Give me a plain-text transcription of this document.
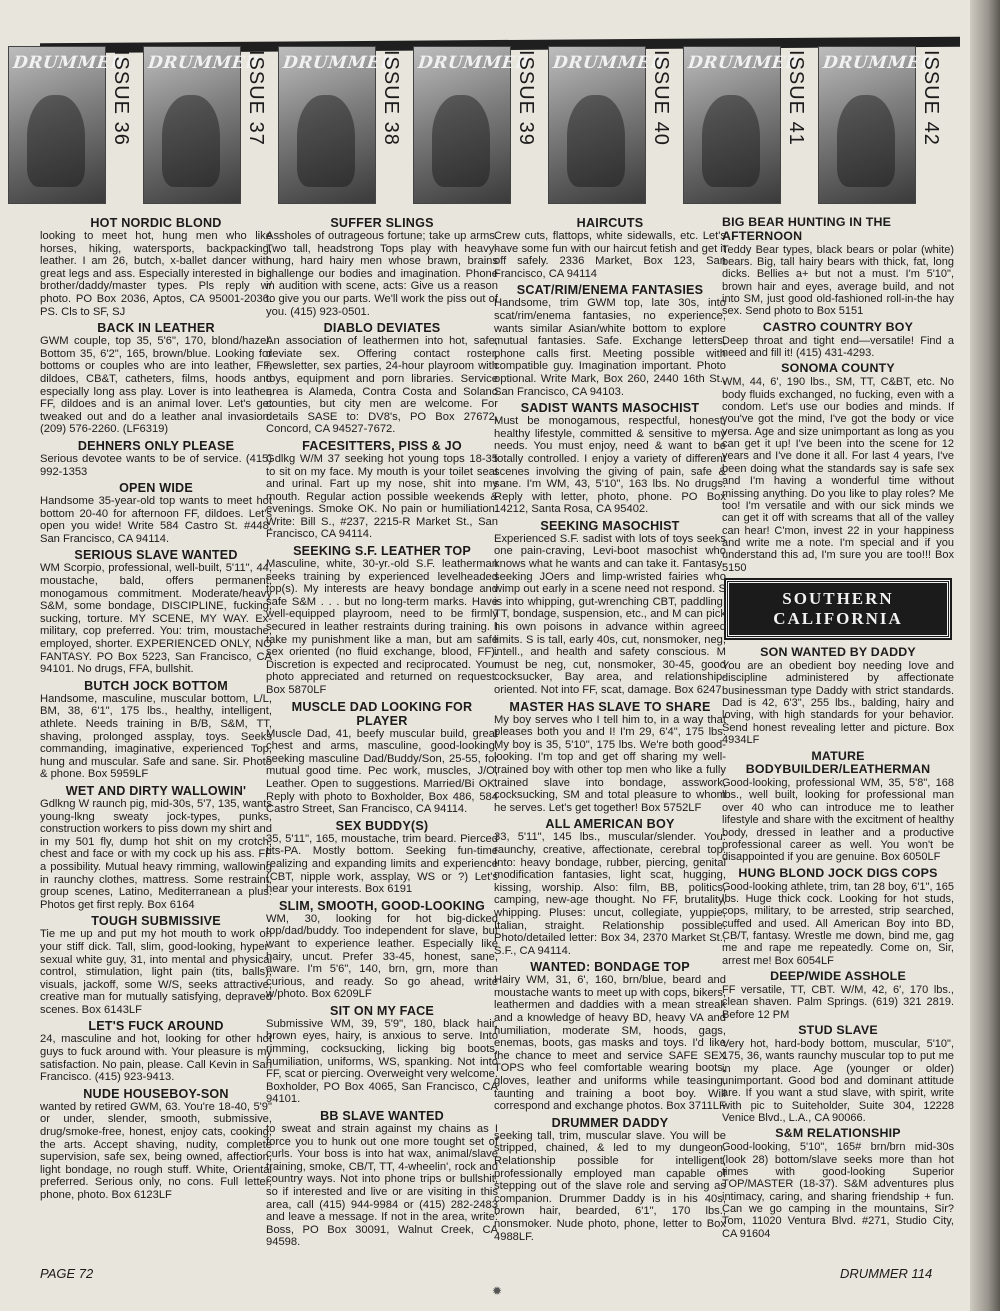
DRUMMER
ISSUE 36 DRUMMER
ISSUE 37 DRUMMER
ISSUE 38 DRUMMER
ISSUE 39 DRUMMER
ISSUE 40 DRUMMER
ISSUE 41 DRUMMER
ISSUE 42
HOT NORDIC BLOND

looking to meet hot, hung men who like horses, hiking, watersports, backpacking, leather. I am 26, butch, x-ballet dancer with great legs and ass. Especially interested in big brother/daddy/master types. Pls reply w/ photo. PO Box 2036, Aptos, CA 95001-2036. PS. Cls to SF, SJ

BACK IN LEATHER

GWM couple, top 35, 5'6", 170, blond/hazel. Bottom 35, 6'2", 165, brown/blue. Looking for bottoms or couples who are into leather, FF, dildoes, CB&T, catheters, films, hoods and especially long ass play. Lover is into leather, FF, dildoes and is an animal lover. Let's get tweaked out and do a leather anal invasion. (209) 576-2260. (LF6319)

DEHNERS ONLY PLEASE

Serious devotee wants to be of service. (415) 992-1353

OPEN WIDE

Handsome 35-year-old top wants to meet hot bottom 20-40 for afternoon FF, dildoes. Let's open you wide! Write 584 Castro St. #448, San Francisco, CA 94114.

SERIOUS SLAVE WANTED

WM Scorpio, professional, well-built, 5'11", 44, moustache, bald, offers permanent, monogamous commitment. Moderate/heavy S&M, some bondage, DISCIPLINE, fucking, sucking, torture. MY SCENE, MY WAY. Ex-military, cop preferred. You: trim, moustache, employed, shorter. EXPERIENCED ONLY, NO FANTASY. PO Box 5223, San Francisco, CA 94101. No drugs, FFA, bullshit.

BUTCH JOCK BOTTOM

Handsome, masculine, muscular bottom, L/L, BM, 38, 6'1", 175 lbs., healthy, intelligent, athlete. Needs training in B/B, S&M, TT, shaving, prolonged assplay, toys. Seeks commanding, imaginative, experienced Top, hung and muscular. Safe and sane. Sir. Photo & phone. Box 5959LF

WET AND DIRTY WALLOWIN'

Gdlkng W raunch pig, mid-30s, 5'7, 135, wants young-lkng sweaty jock-types, punks, construction workers to piss down my shirt and in my 501 fly, dump hot shit on my crotch, chest and face or with my cock up his ass. FF a possibility. Mutual heavy rimming, wallowing in raunchy clothes, mattress. Some restraint, group scenes, Latino, Mediterranean a plus. Photos get first reply. Box 6164

TOUGH SUBMISSIVE

Tie me up and put my hot mouth to work on your stiff dick. Tall, slim, good-looking, hyper-sexual white guy, 31, into mental and physical control, stimulation, light pain (tits, balls), visuals, jackoff, some W/S, seeks attractive, creative man for mutually satisfying, depraved scenes. Box 6143LF

LET'S FUCK AROUND

24, masculine and hot, looking for other hot guys to fuck around with. Your pleasure is my satisfaction. No pain, please. Call Kevin in San Francisco. (415) 923-9413.

NUDE HOUSEBOY-SON

wanted by retired GWM, 63. You're 18-40, 5'9" or under, slender, smooth, submissive, drug/smoke-free, honest, enjoy cats, cooking, the arts. Accept shaving, nudity, complete supervision, safe sex, being owned, affection, light bondage, no rough stuff. White, Oriental preferred. Serious only, no cons. Full letter, phone, photo. Box 6123LF

SUFFER SLINGS

Assholes of outrageous fortune; take up arms. Two tall, headstrong Tops play with heavy-hung, hard hairy men whose brawn, brains challenge our bodies and imagination. Phone in audition with scene, acts: Give us a reason to give you our parts. We'll work the piss out of you. (415) 923-0501.

DIABLO DEVIATES

An association of leathermen into hot, safe, deviate sex. Offering contact roster, newsletter, sex parties, 24-hour playroom with toys, equipment and porn libraries. Service area is Alameda, Contra Costa and Solano counties, but city men are welcome. For details SASE to: DV8's, PO Box 27672, Concord, CA 94527-7672.

FACESITTERS, PISS & JO

Gdlkg W/M 37 seeking hot young tops 18-35 to sit on my face. My mouth is your toilet seat and urinal. Fart up my nose, shit into my mouth. Regular action possible weekends & evenings. Smoke OK. No pain or humiliation. Write: Bill S., #237, 2215-R Market St., San Francisco, CA 94114.

SEEKING S.F. LEATHER TOP

Masculine, white, 30-yr.-old S.F. leatherman seeks training by experienced levelheaded top(s). My interests are heavy bondage and safe S&M . . . but no long-term marks. Have well-equipped playroom, need to be firmly secured in leather restraints during training. I take my punishment like a man, but am safe sex oriented (no fluid exchange, blood, FF). Discretion is expected and reciprocated. Your photo appreciated and returned on request. Box 5870LF

MUSCLE DAD LOOKING FOR PLAYER

Muscle Dad, 41, beefy muscular build, great chest and arms, masculine, good-looking, seeking masculine Dad/Buddy/Son, 25-55, for mutual good time. Pec work, muscles, J/O, Leather. Open to suggestions. Married/Bi OK. Reply with photo to Boxholder, Box 486, 584 Castro Street, San Francisco, CA 94114.

SEX BUDDY(S)

35, 5'11", 165, moustache, trim beard. Pierced tits-PA. Mostly bottom. Seeking fun-time realizing and expanding limits and experience (CBT, nipple work, assplay, WS or ?) Let's hear your interests. Box 6191

SLIM, SMOOTH, GOOD-LOOKING

WM, 30, looking for hot big-dicked top/dad/buddy. Too independent for slave, but want to experience leather. Especially like hairy, uncut. Prefer 33-45, honest, sane, aware. I'm 5'6", 140, brn, grn, more than curious, and ready. So go ahead, write w/photo. Box 6209LF

SIT ON MY FACE

Submissive WM, 39, 5'9", 180, black hair, brown eyes, hairy, is anxious to serve. Into rimming, cocksucking, licking big boots, humiliation, uniforms, WS, spanking. Not into FF, scat or piercing. Overweight very welcome. Boxholder, PO Box 4065, San Francisco, CA 94101.

BB SLAVE WANTED

to sweat and strain against my chains as I force you to hunk out one more tought set of curls. Your boss is into hat wax, animal/slave training, smoke, CB/T, TT, 4-wheelin', rock and country ways. Not into phone trips or bullshit, so if interested and live or are visiting in this area, call (415) 944-9984 or (415) 282-2483 and leave a message. If not in the area, write: Boss, PO Box 30091, Walnut Creek, CA 94598.

HAIRCUTS

Crew cuts, flattops, white sidewalls, etc. Let's have some fun with our haircut fetish and get it off safely. 2336 Market, Box 123, San Francisco, CA 94114

SCAT/RIM/ENEMA FANTASIES

Handsome, trim GWM top, late 30s, into scat/rim/enema fantasies, no experience, wants similar Asian/white bottom to explore mutual fantasies. Safe. Exchange letters, phone calls first. Meeting possible with compatible guy. Imagination important. Photo optional. Write Mark, Box 260, 2440 16th St., San Francisco, CA 94103.

SADIST WANTS MASOCHIST

Must be monogamous, respectful, honest, healthy lifestyle, committed & sensitive to my needs. You must enjoy, need & want to be totally controlled. I enjoy a variety of different scenes involving the giving of pain, safe & sane. I'm WM, 43, 5'10", 163 lbs. No drugs. Reply with letter, photo, phone. PO Box 14212, Santa Rosa, CA 95402.

SEEKING MASOCHIST

Experienced S.F. sadist with lots of toys seeks one pain-craving, Levi-boot masochist who knows what he wants and can take it. Fantasy-seeking JOers and limp-wristed fairies who wimp out early in a scene need not respond. S is into whipping, gut-wrenching CBT, paddling, TT, bondage, suspension, etc., and M can pick his own poisons in advance within agreed limits. S is tall, early 40s, cut, nonsmoker, neg, intell., and health and safety conscious. M must be neg, cut, nonsmoker, 30-45, good cocksucker, Bay area, and relationship-oriented. Not into FF, scat, damage. Box 6247

MASTER HAS SLAVE TO SHARE

My boy serves who I tell him to, in a way that pleases both you and I! I'm 29, 6'4", 175 lbs. My boy is 35, 5'10", 175 lbs. We're both good-looking. I'm top and get off sharing my well-trained boy with other top men who like a fully trained slave into bondage, asswork, cocksucking, SM and total pleasure to whom he serves. Let's get together! Box 5752LF

ALL AMERICAN BOY

33, 5'11", 145 lbs., muscular/slender. You: raunchy, creative, affectionate, cerebral top. Into: heavy bondage, rubber, piercing, genital modification fantasies, light scat, hugging, kissing, worship. Also: film, BB, politics, camping, new-age thought. No FF, brutality, whipping. Pluses: uncut, collegiate, yuppie, Italian, straight. Relationship possible. Photo/detailed letter: Box 34, 2370 Market St., S.F., CA 94114.

WANTED: BONDAGE TOP

Hairy WM, 31, 6', 160, brn/blue, beard and moustache wants to meet up with cops, bikers, leathermen and daddies with a mean streak and a knowledge of heavy BD, heavy VA and humiliation, moderate SM, hoods, gags, enemas, boots, gas masks and toys. I'd like the chance to meet and service SAFE SEX TOPS who feel comfortable wearing boots, gloves, leather and uniforms while teasing, taunting and training a boot boy. Will correspond and exchange photos. Box 3711LF

DRUMMER DADDY

seeking tall, trim, muscular slave. You will be stripped, chained, & led to my dungeon. Relationship possible for intelligent, professionally employed man capable of stepping out of the slave role and serving as companion. Drummer Daddy is in his 40s, brown hair, bearded, 6'1", 170 lbs., nonsmoker. Nude photo, phone, letter to Box 4988LF.

BIG BEAR HUNTING IN THE AFTERNOON

Teddy Bear types, black bears or polar (white) bears. Big, tall hairy bears with thick, fat, long dicks. Bellies a+ but not a must. I'm 5'10", brown hair and eyes, average build, and not into SM, just good old-fashioned roll-in-the hay sex. Send photo to Box 5151

CASTRO COUNTRY BOY

Deep throat and tight end—versatile! Find a need and fill it! (415) 431-4293.

SONOMA COUNTY

WM, 44, 6', 190 lbs., SM, TT, C&BT, etc. No body fluids exchanged, no fucking, even with a condom. Let's use our bodies and minds. If you've got the mind, I've got the body or vice versa. Age and size unimportant as long as you can get it up! I've been into the scene for 12 years and I've done it all. For last 4 years, I've been doing what the standards say is safe sex and I'm having a wonderful time without missing anything. Do you like to play roles? Me too! I'm versatile and with our sick minds we can get it off with screams that all of the valley can hear! C'mon, invest 22 in your happiness and write me a note. I'm special and if you understand this ad, I'm sure you are too!!! Box 5150

SOUTHERN CALIFORNIA
SON WANTED BY DADDY

You are an obedient boy needing love and discipline administered by affectionate businessman type Daddy with strict standards. Dad is 42, 6'3", 255 lbs., balding, hairy and loving, with high standards for your behavior. Send honest revealing letter and picture. Box 4934LF

MATURE BODYBUILDER/LEATHERMAN

Good-looking, professional WM, 35, 5'8", 168 lbs., well built, looking for professional man over 40 who can introduce me to leather lifestyle and share with the excitment of healthy body, dressed in leather and a productive professional career as well. You won't be disappointed if you are genuine. Box 6050LF

HUNG BLOND JOCK DIGS COPS

Good-looking athlete, trim, tan 28 boy, 6'1", 165 lbs. Huge thick cock. Looking for hot studs, cops, military, to be arrested, strip searched, cuffed and used. All American Boy into BD, CB/T, fantasy. Wrestle me down, bind me, gag me and rape me repeatedly. Come on, Sir, arrest me! Box 6054LF

DEEP/WIDE ASSHOLE

FF versatile, TT, CBT. W/M, 42, 6', 170 lbs., clean shaven. Palm Springs. (619) 321 2819. Before 12 PM

STUD SLAVE

Very hot, hard-body bottom, muscular, 5'10", 175, 36, wants raunchy muscular top to put me in my place. Age (younger or older) unimportant. Good bod and dominant attitude are. If you want a stud slave, with spirit, write with pic to Suiteholder, Suite 304, 12228 Venice Blvd., L.A., CA 90066.

S&M RELATIONSHIP

Good-looking, 5'10", 165# brn/brn mid-30s (look 28) bottom/slave seeks more than hot times with good-looking Superior TOP/MASTER (18-37). S&M adventures plus intimacy, caring, and sharing friendship + fun. Can we go camping in the mountains, Sir? Tom, 11020 Ventura Blvd. #271, Studio City, CA 91604

PAGE 72	DRUMMER 114
✹
